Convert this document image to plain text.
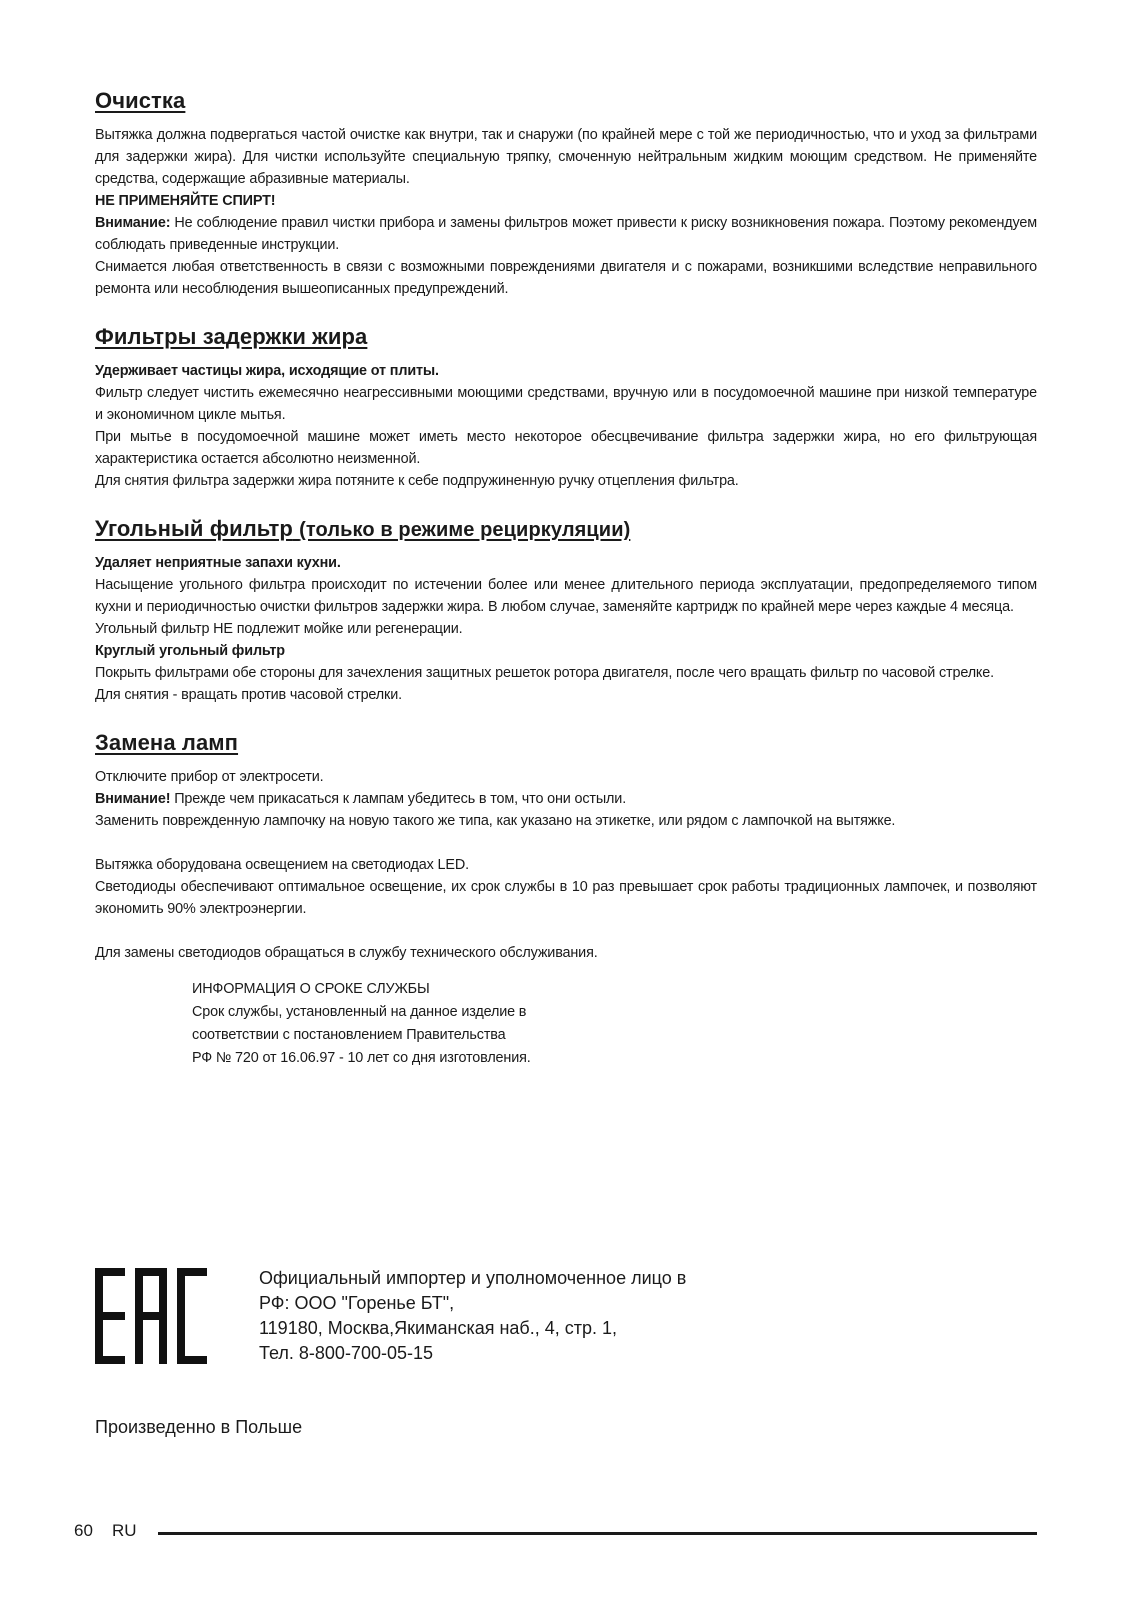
Очистка

Вытяжка должна подвергаться частой очистке как внутри, так и снаружи (по крайней мере с той же периодичностью, что и уход за фильтрами для задержки жира). Для чистки используйте специальную тряпку, смоченную нейтральным жидким моющим средством. Не применяйте средства, содержащие абразивные материалы.

НЕ ПРИМЕНЯЙТЕ СПИРТ!

Внимание: Не соблюдение правил чистки прибора и замены фильтров может привести к риску возникновения пожара. Поэтому рекомендуем соблюдать приведенные инструкции.

Снимается любая ответственность в связи с возможными повреждениями двигателя и с пожарами, возникшими вследствие неправильного ремонта или несоблюдения вышеописанных предупреждений.

Фильтры задержки жира

Удерживает частицы жира, исходящие от плиты.

Фильтр следует чистить ежемесячно неагрессивными моющими средствами, вручную или в посудомоечной машине при низкой температуре и экономичном цикле мытья.

При мытье в посудомоечной машине может иметь место некоторое обесцвечивание фильтра задержки жира, но его фильтрующая характеристика остается абсолютно неизменной.

Для снятия фильтра задержки жира потяните к себе подпружиненную ручку отцепления фильтра.

Угольный фильтр (только в режиме рециркуляции)

Удаляет неприятные запахи кухни.

Насыщение угольного фильтра происходит по истечении более или менее длительного периода эксплуатации, предопределяемого типом кухни и периодичностью очистки фильтров задержки жира. В любом случае, заменяйте картридж по крайней мере через каждые 4 месяца.

Угольный фильтр НЕ подлежит мойке или регенерации.

Круглый угольный фильтр

Покрыть фильтрами обе стороны для зачехления защитных решеток ротора двигателя, после чего вращать фильтр по часовой стрелке.

Для снятия - вращать против часовой стрелки.

Замена ламп

Отключите прибор от электросети.

Внимание! Прежде чем прикасаться к лампам убедитесь в том, что они остыли.

Заменить поврежденную лампочку на новую такого же типа, как указано на этикетке, или рядом с лампочкой на вытяжке.

Вытяжка оборудована освещением на светодиодах LED.

Светодиоды обеспечивают оптимальное освещение, их срок службы в 10 раз превышает срок работы традиционных лампочек, и позволяют экономить 90% электроэнергии.

Для замены светодиодов обращаться в службу технического обслуживания.

ИНФОРМАЦИЯ О СРОКЕ СЛУЖБЫ

Срок службы, установленный на данное изделие в

соответствии с постановлением Правительства

РФ № 720 от 16.06.97 - 10 лет со дня изготовления.

Официальный импортер и уполномоченное лицо в

РФ: ООО "Горенье БТ",

119180, Москва,Якиманская наб., 4, стр. 1,

Тел. 8-800-700-05-15

Произведенно в Польше
60 RU
